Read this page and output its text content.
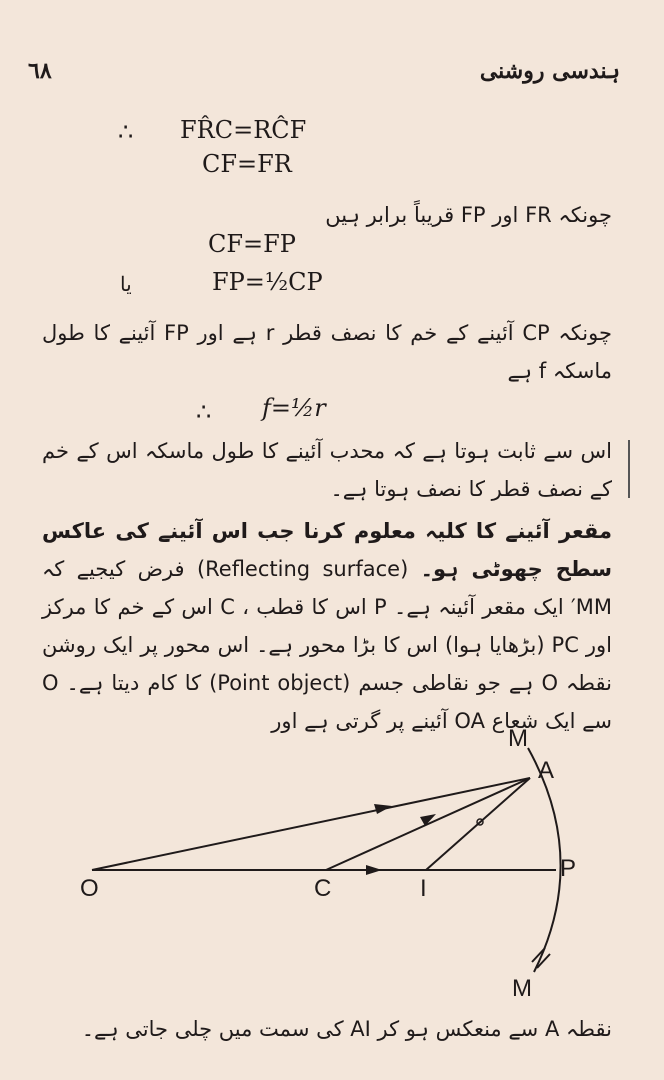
٦٨	ہندسی روشنی
∴ FR̂C=RĈF
CF=FR
چونکہ FR اور FP قریباً برابر ہیں
CF=FP
یا	FP=½CP
چونکہ CP آئینے کے خم کا نصف قطر r ہے اور FP آئینے کا طول ماسکہ f ہے
∴ f=½r
اس سے ثابت ہوتا ہے کہ محدب آئینے کا طول ماسکہ اس کے خم کے نصف قطر کا نصف ہوتا ہے۔
مقعر آئینے کا کلیہ معلوم کرنا جب اس آئینے کی عاکس سطح چھوٹی ہو۔ (Reflecting surface) فرض کیجیے کہ MM′ ایک مقعر آئینہ ہے۔ P اس کا قطب ، C اس کے خم کا مرکز اور PC (بڑھایا ہوا) اس کا بڑا محور ہے۔ اس محور پر ایک روشن نقطہ O ہے جو نقاطی جسم (Point object) کا کام دیتا ہے۔ O سے ایک شعاع OA آئینے پر گرتی ہے اور
M
A
O	C	I
P
M
نقطہ A سے منعکس ہو کر AI کی سمت میں چلی جاتی ہے۔
